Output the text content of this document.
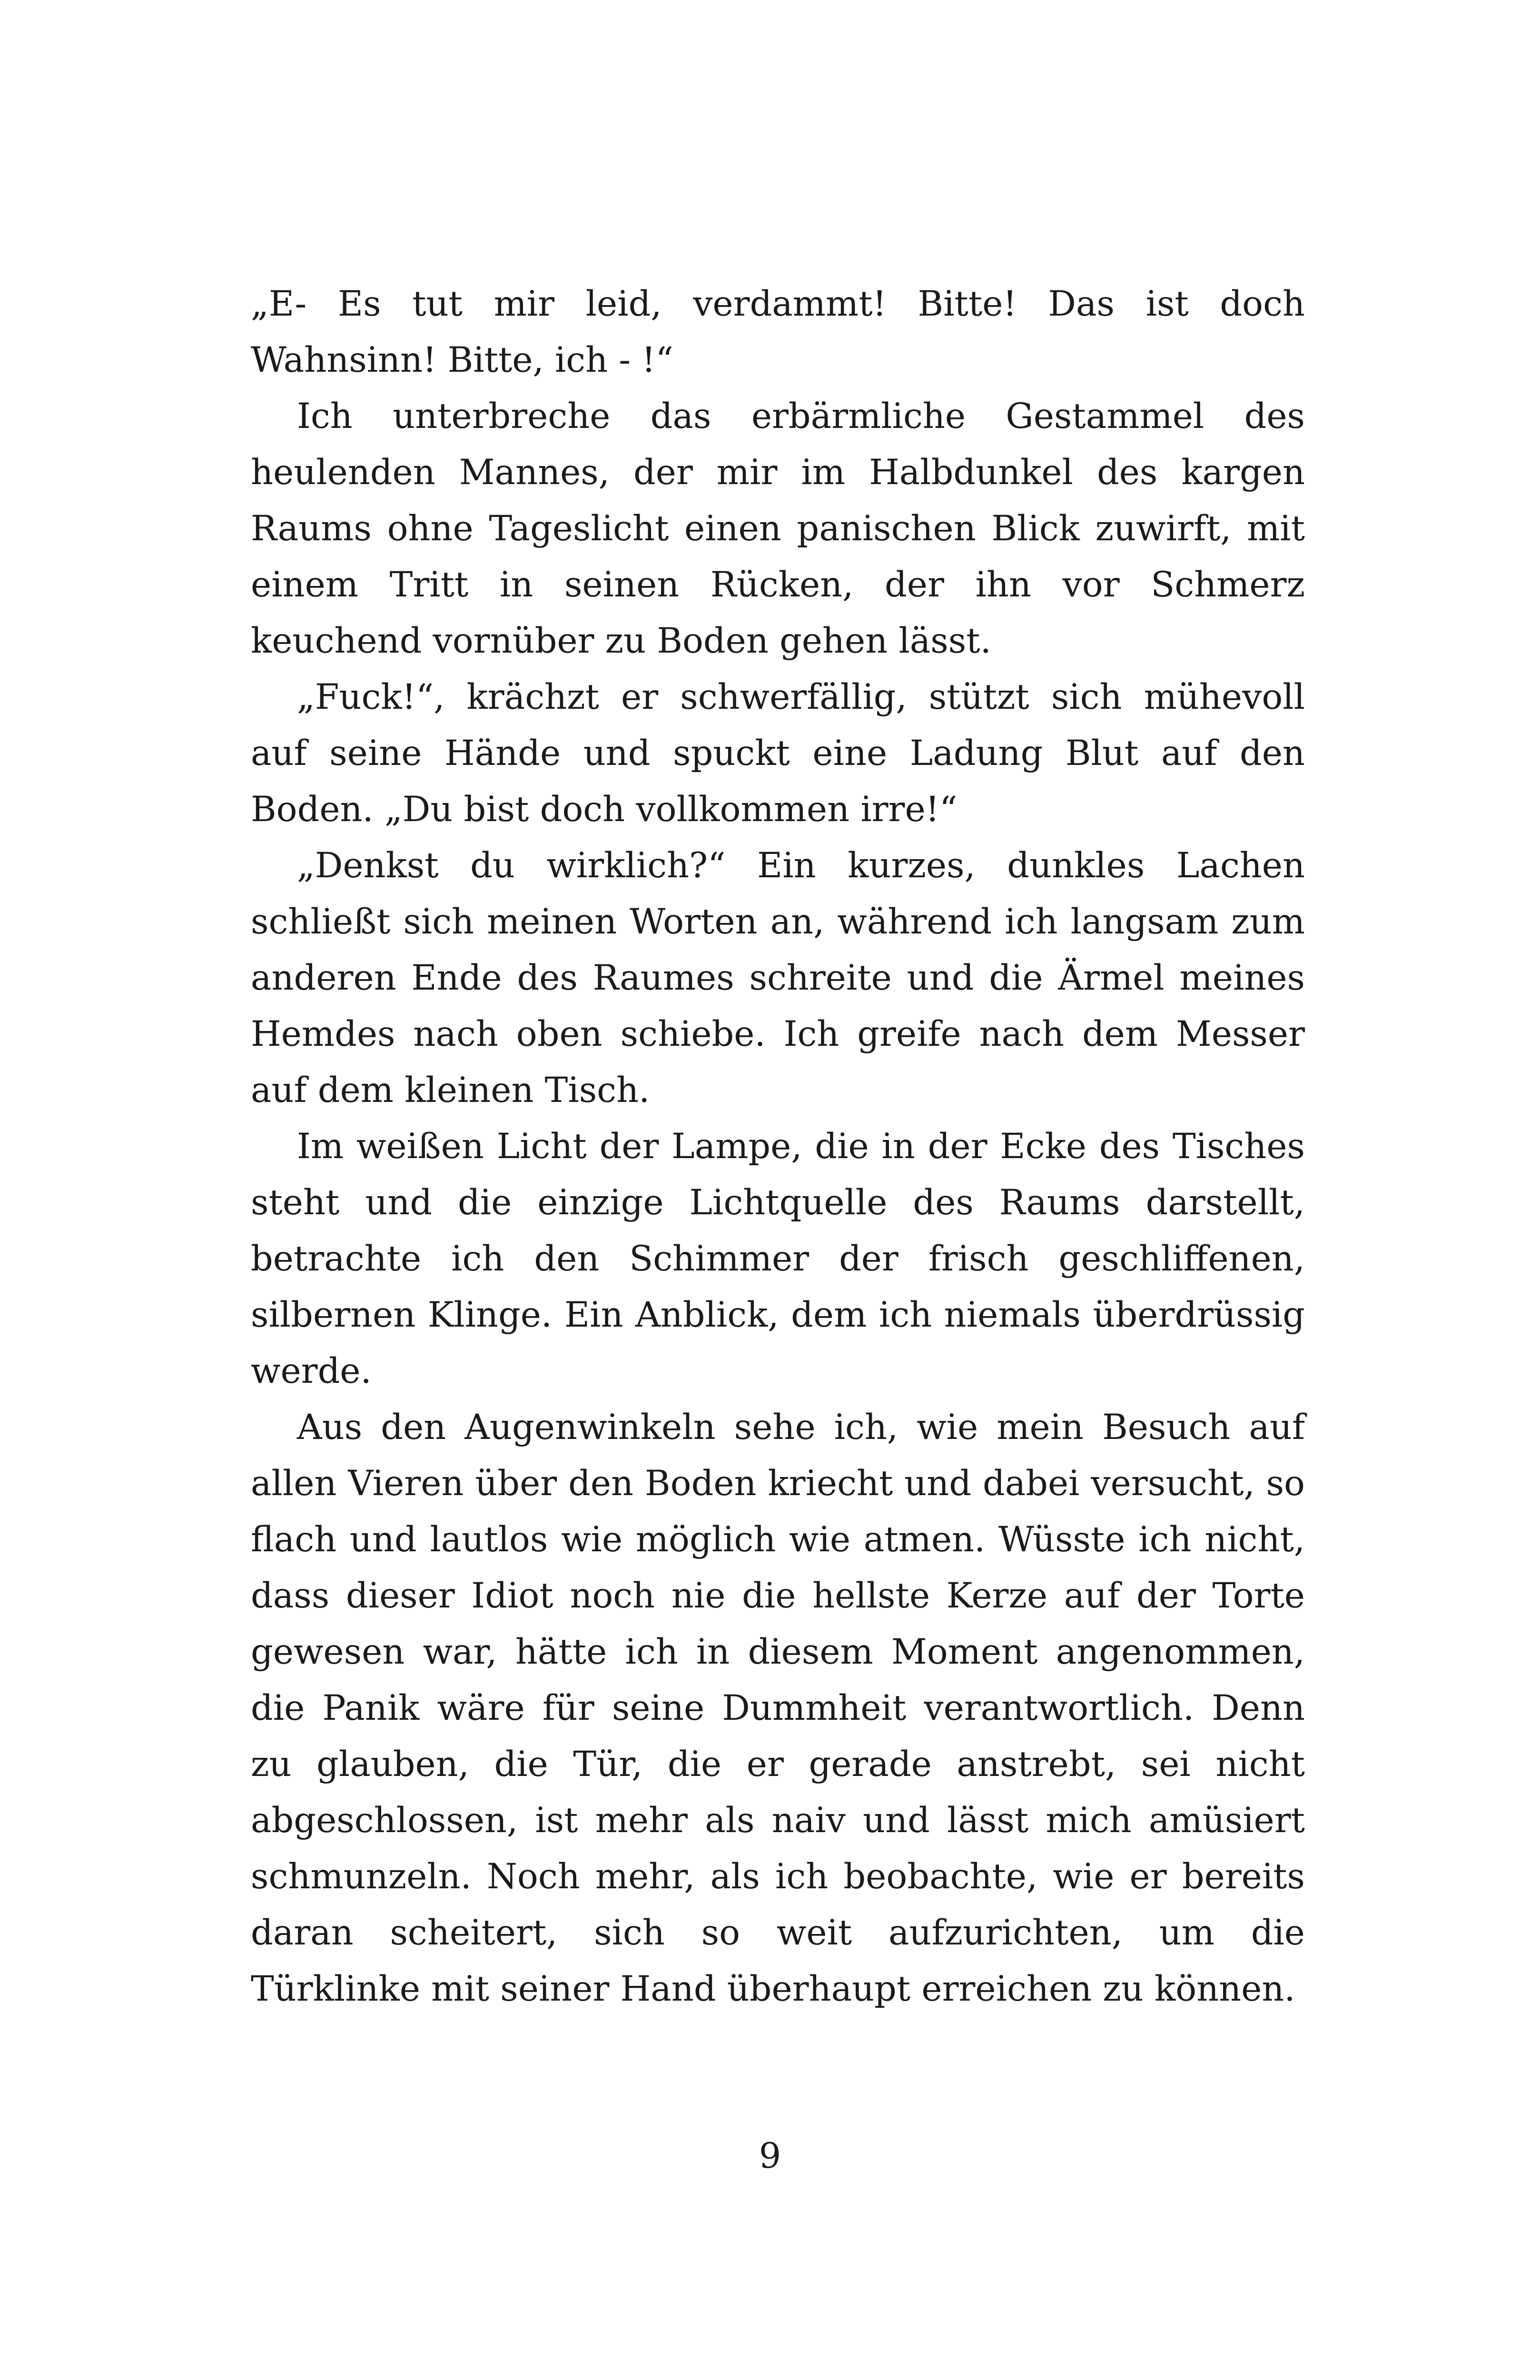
„E- Es tut mir leid, verdammt! Bitte! Das ist doch Wahnsinn! Bitte, ich - !“

Ich unterbreche das erbärmliche Gestammel des heulenden Mannes, der mir im Halbdunkel des kargen Raums ohne Tageslicht einen panischen Blick zuwirft, mit einem Tritt in seinen Rücken, der ihn vor Schmerz keuchend vornüber zu Boden gehen lässt.

„Fuck!“, krächzt er schwerfällig, stützt sich mühevoll auf seine Hände und spuckt eine Ladung Blut auf den Boden. „Du bist doch vollkommen irre!“

„Denkst du wirklich?“ Ein kurzes, dunkles Lachen schließt sich meinen Worten an, während ich langsam zum anderen Ende des Raumes schreite und die Ärmel meines Hemdes nach oben schiebe. Ich greife nach dem Messer auf dem kleinen Tisch.

Im weißen Licht der Lampe, die in der Ecke des Tisches steht und die einzige Lichtquelle des Raums darstellt, betrachte ich den Schimmer der frisch geschliffenen, silbernen Klinge. Ein Anblick, dem ich niemals überdrüssig werde.

Aus den Augenwinkeln sehe ich, wie mein Besuch auf allen Vieren über den Boden kriecht und dabei versucht, so flach und lautlos wie möglich wie atmen. Wüsste ich nicht, dass dieser Idiot noch nie die hellste Kerze auf der Torte gewesen war, hätte ich in diesem Moment angenommen, die Panik wäre für seine Dummheit verantwortlich. Denn zu glauben, die Tür, die er gerade anstrebt, sei nicht abgeschlossen, ist mehr als naiv und lässt mich amüsiert schmunzeln. Noch mehr, als ich beobachte, wie er bereits daran scheitert, sich so weit aufzurichten, um die Türklinke mit seiner Hand überhaupt erreichen zu können.

9
